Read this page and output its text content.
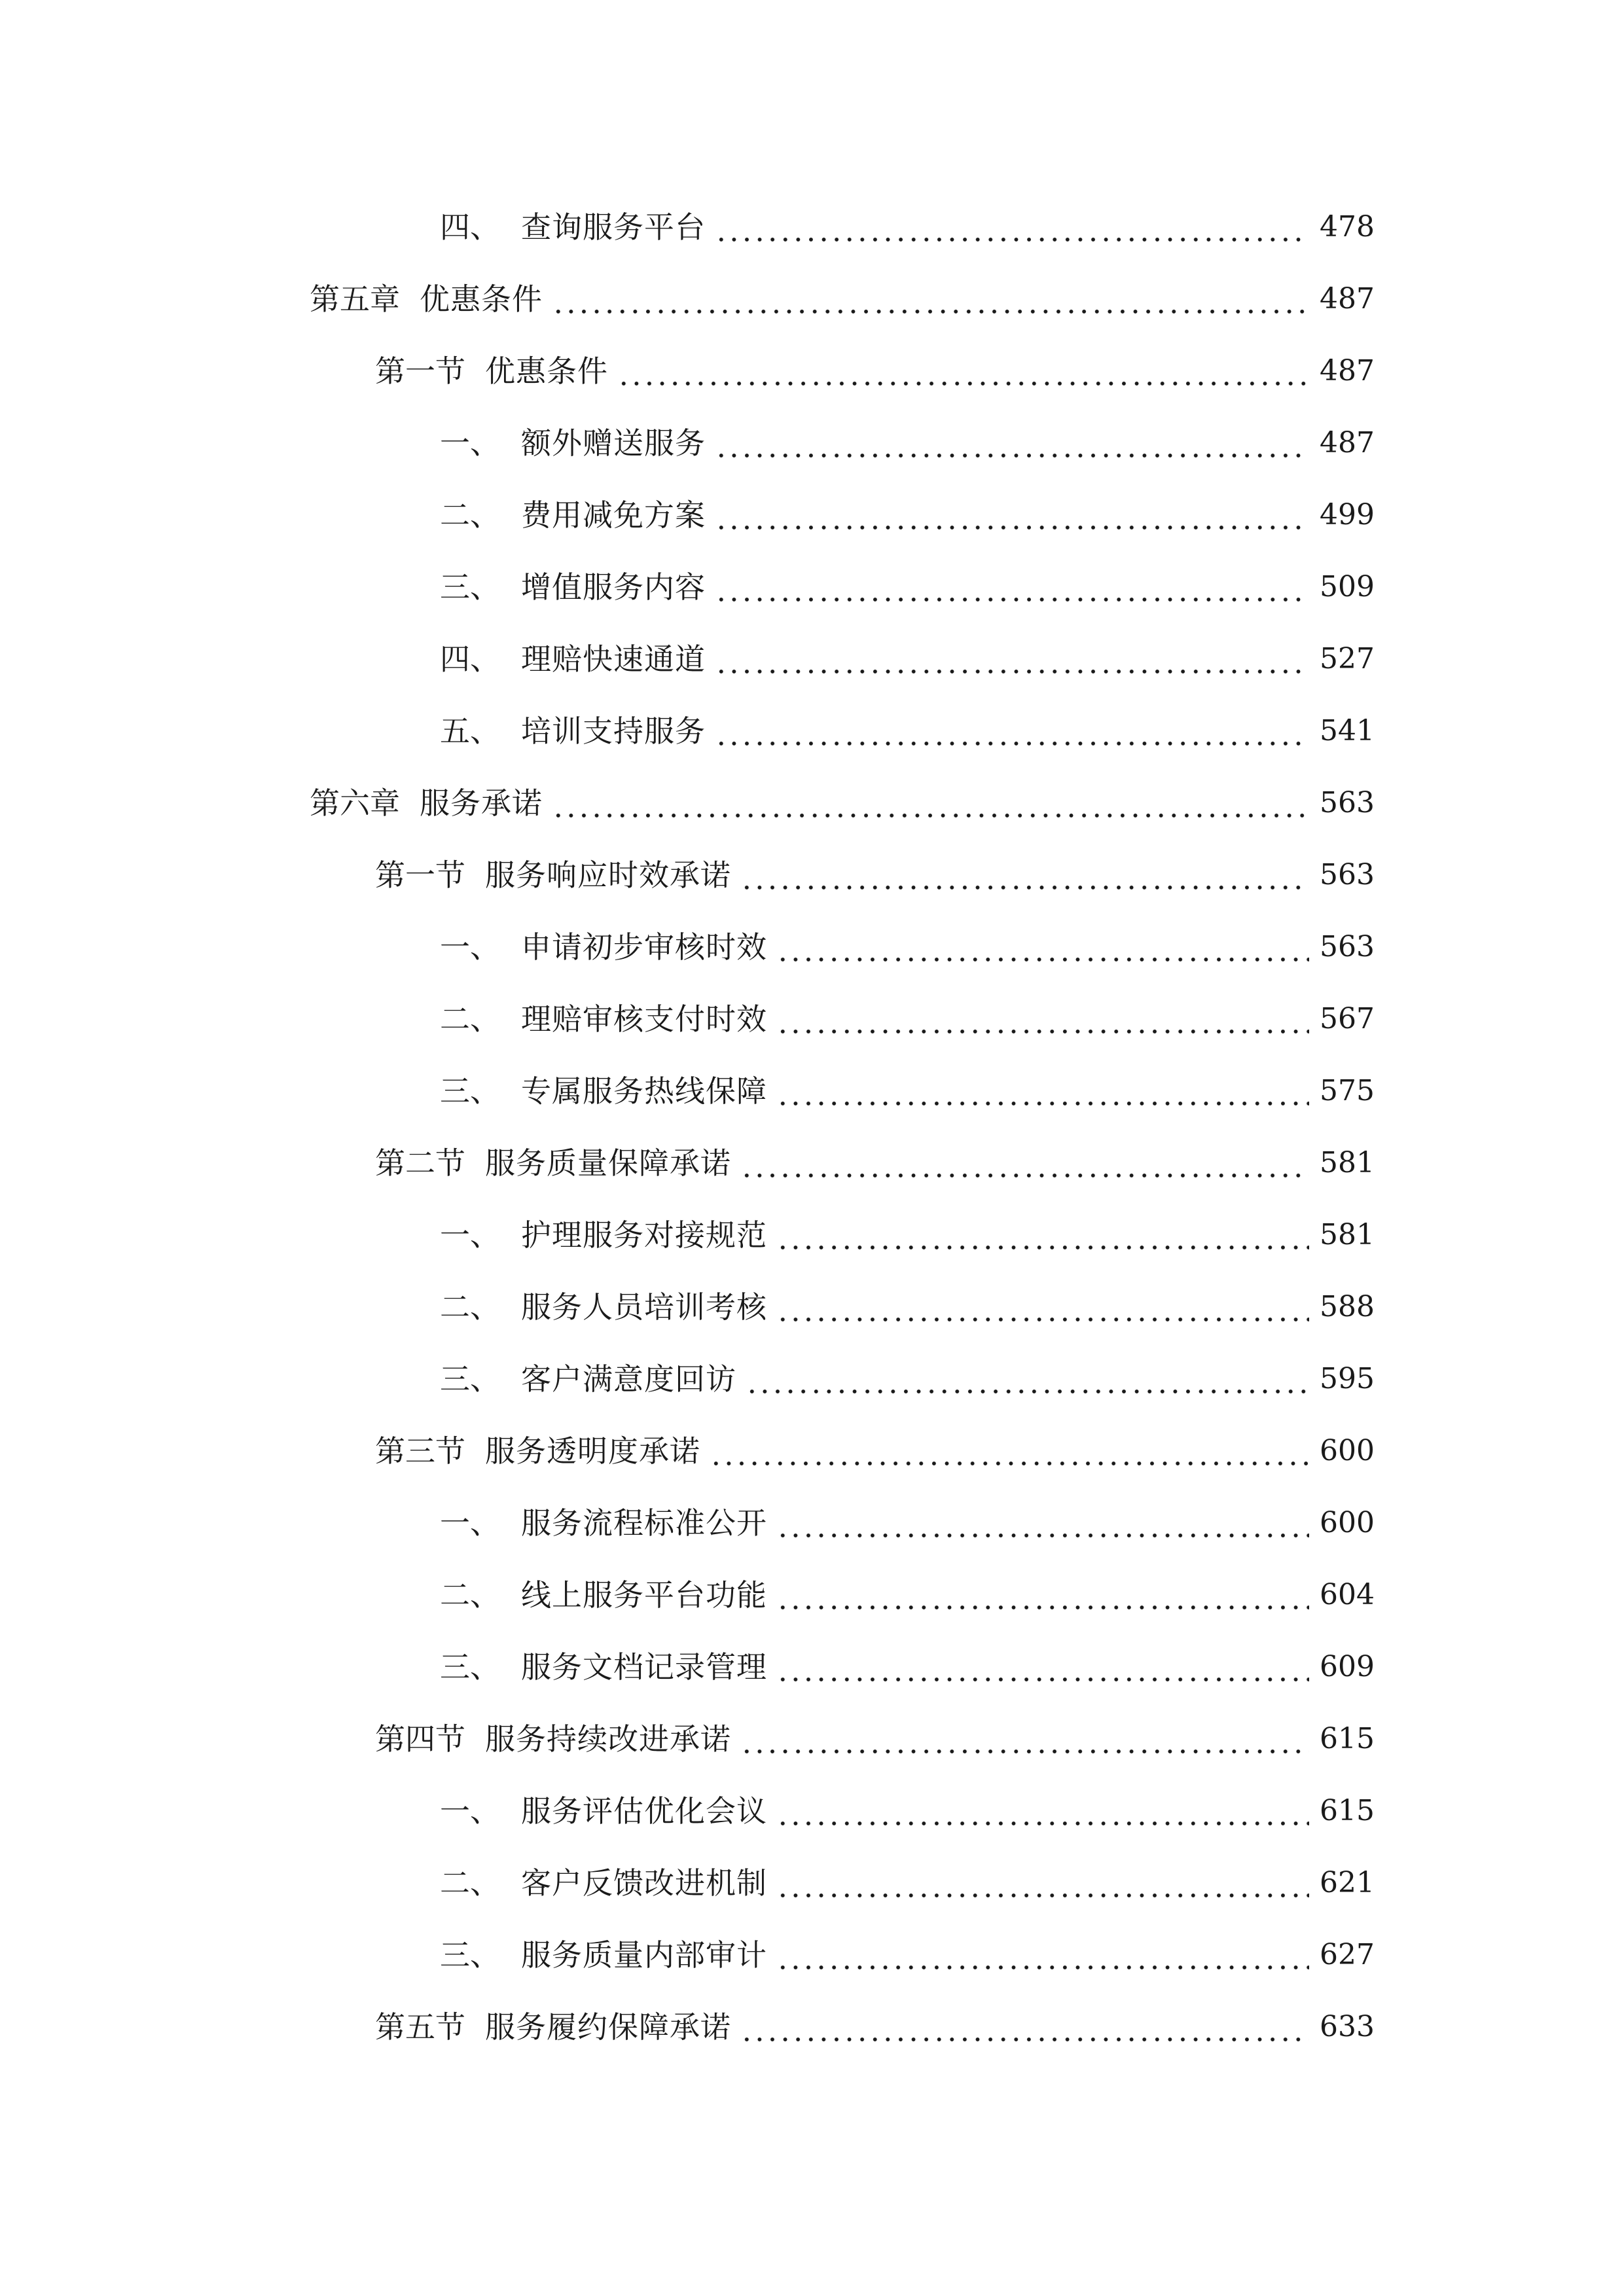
四、 查询服务平台	478
第五章 优惠条件	487
第一节 优惠条件	487
一、 额外赠送服务	487
二、 费用减免方案	499
三、 增值服务内容	509
四、 理赔快速通道	527
五、 培训支持服务	541
第六章 服务承诺	563
第一节 服务响应时效承诺	563
一、 申请初步审核时效	563
二、 理赔审核支付时效	567
三、 专属服务热线保障	575
第二节 服务质量保障承诺	581
一、 护理服务对接规范	581
二、 服务人员培训考核	588
三、 客户满意度回访	595
第三节 服务透明度承诺	600
一、 服务流程标准公开	600
二、 线上服务平台功能	604
三、 服务文档记录管理	609
第四节 服务持续改进承诺	615
一、 服务评估优化会议	615
二、 客户反馈改进机制	621
三、 服务质量内部审计	627
第五节 服务履约保障承诺	633
